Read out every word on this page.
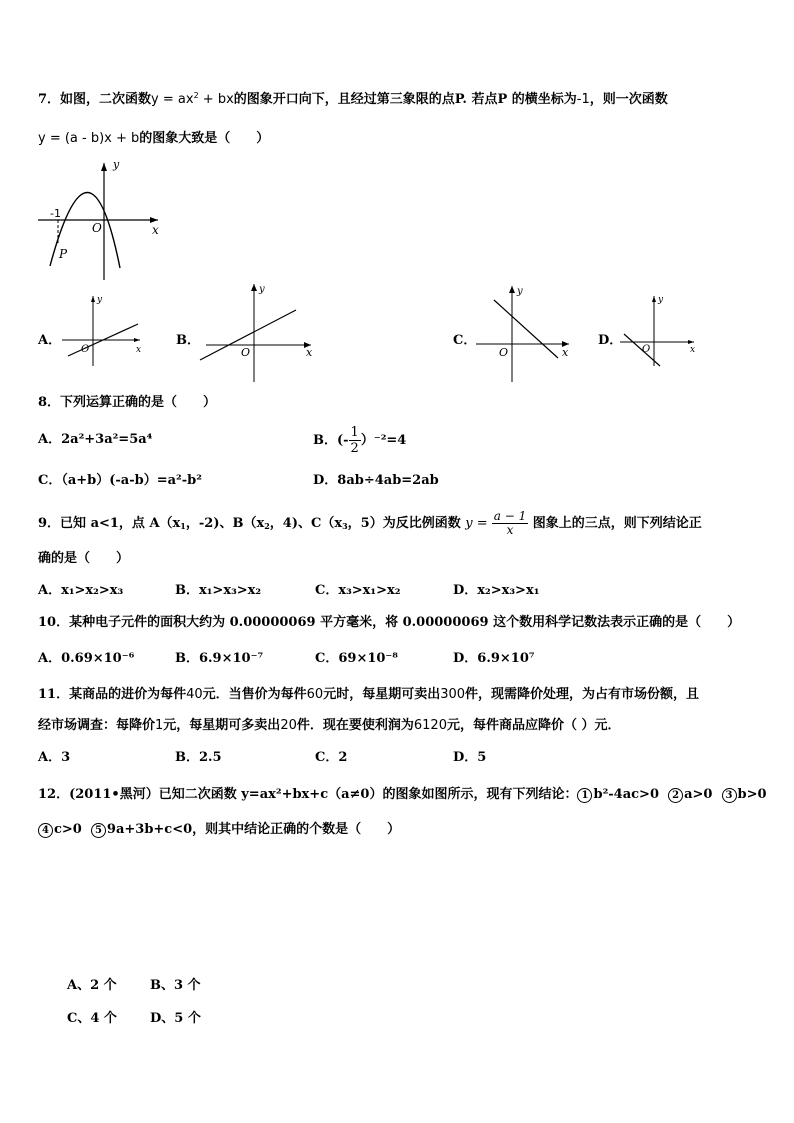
7．如图，二次函数$y = ax^2$ + bx的图象开口向下，且经过第三象限的点P. 若点P 的横坐标为-1，则一次函数
y = (a - b)x + b的图象大致是（　　）
y
x
O
-1
P
A．
y
x
O
B．
y
x
O
C．
y
x
O
D．
y
x
O
8．下列运算正确的是（　　）
A．2a²+3a²=5a⁴	B．(- $\frac{1}{2} )^{-2}=4$
C．（a+b）(-a-b）=a²-b²	D．8ab÷4ab=2ab
9．已知 a<1，点 $A(x_1$，-2)、$B(x_2$，4)、$C(x_3$，5）为反比例函数 $y = \frac{a - 1}{x}$ 图象上的三点，则下列结论正
确的是（　　）
A．x₁>x₂>x₃	B．x₁>x₃>x₂	C．x₃>x₁>x₂	D．x₂>x₃>x₁
10．某种电子元件的面积大约为 0.00000069 平方毫米，将 0.00000069 这个数用科学记数法表示正确的是（　　）
A．0.69×10⁻⁶	B．6.9×10⁻⁷	C．69×10⁻⁸	D．6.9×10⁷
11．某商品的进价为每件40元．当售价为每件60元时，每星期可卖出300件，现需降价处理，为占有市场份额，且
经市场调查：每降价1元，每星期可多卖出20件．现在要使利润为6120元，每件商品应降价（ ）元．
A．3	B．2.5	C．2	D．5
12．(2011•黑河）已知二次函数 y=ax²+bx+c（a≠0）的图象如图所示，现有下列结论： 1 b²-4ac>0 2 a>0 3 b>0
4 c>0 5 9a+3b+c<0，则其中结论正确的个数是（　　）
A、2 个	B、3 个
C、4 个	D、5 个
